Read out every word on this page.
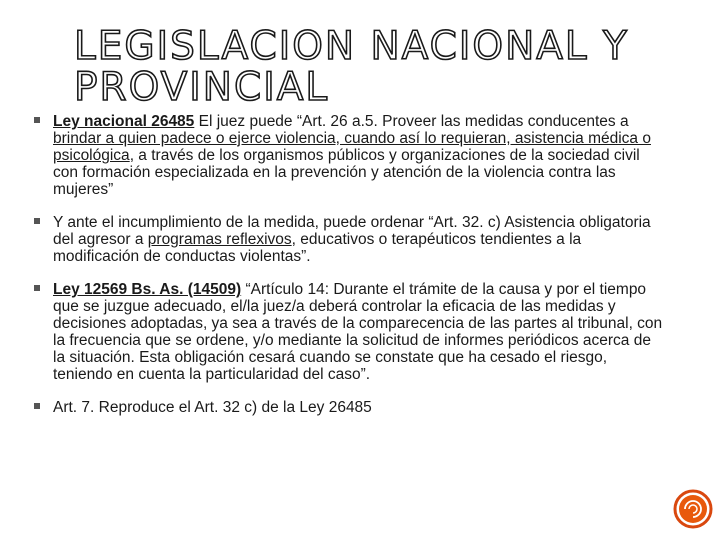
LEGISLACION NACIONAL Y
PROVINCIAL
Ley nacional 26485 El juez puede “Art. 26 a.5. Proveer las medidas conducentes a brindar a quien padece o ejerce violencia, cuando así lo requieran, asistencia médica o psicológica, a través de los organismos públicos y organizaciones de la sociedad civil con formación especializada en la prevención y atención de la violencia contra las mujeres”
Y ante el incumplimiento de la medida, puede ordenar “Art. 32. c) Asistencia obligatoria del agresor a programas reflexivos, educativos o terapéuticos tendientes a la modificación de conductas violentas”.
Ley 12569 Bs. As. (14509) “Artículo 14: Durante el trámite de la causa y por el tiempo que se juzgue adecuado, el/la juez/a deberá controlar la eficacia de las medidas y decisiones adoptadas, ya sea a través de la comparecencia de las partes al tribunal, con la frecuencia que se ordene, y/o mediante la solicitud de informes periódicos acerca de la situación. Esta obligación cesará cuando se constate que ha cesado el riesgo, teniendo en cuenta la particularidad del caso”.
Art. 7. Reproduce el Art. 32 c) de la Ley 26485
